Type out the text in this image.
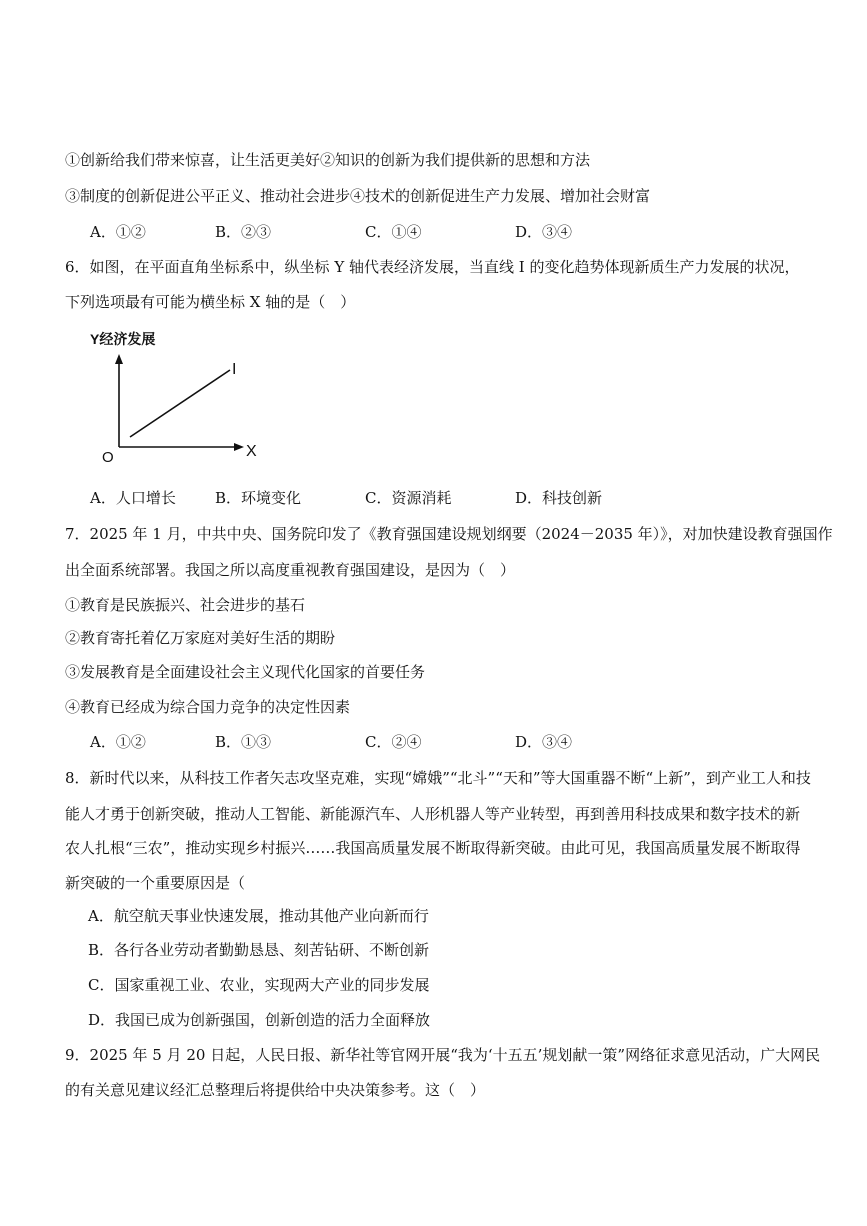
①创新给我们带来惊喜，让生活更美好②知识的创新为我们提供新的思想和方法
③制度的创新促进公平正义、推动社会进步④技术的创新促进生产力发展、增加社会财富
A．①②	B．②③	C．①④	D．③④
6．如图，在平面直角坐标系中，纵坐标 Y 轴代表经济发展，当直线 I 的变化趋势体现新质生产力发展的状况，
下列选项最有可能为横坐标 X 轴的是（　）
Y经济发展
I
X
O
A．人口增长	B．环境变化	C．资源消耗	D．科技创新
7．2025 年 1 月，中共中央、国务院印发了《教育强国建设规划纲要（2024－2035 年）》，对加快建设教育强国作
出全面系统部署。我国之所以高度重视教育强国建设，是因为（　）
①教育是民族振兴、社会进步的基石
②教育寄托着亿万家庭对美好生活的期盼
③发展教育是全面建设社会主义现代化国家的首要任务
④教育已经成为综合国力竞争的决定性因素
A．①②	B．①③	C．②④	D．③④
8．新时代以来，从科技工作者矢志攻坚克难，实现“嫦娥”“北斗”“天和”等大国重器不断“上新”，到产业工人和技
能人才勇于创新突破，推动人工智能、新能源汽车、人形机器人等产业转型，再到善用科技成果和数字技术的新
农人扎根“三农”，推动实现乡村振兴……我国高质量发展不断取得新突破。由此可见，我国高质量发展不断取得
新突破的一个重要原因是（
A．航空航天事业快速发展，推动其他产业向新而行
B．各行各业劳动者勤勤恳恳、刻苦钻研、不断创新
C．国家重视工业、农业，实现两大产业的同步发展
D．我国已成为创新强国，创新创造的活力全面释放
9．2025 年 5 月 20 日起，人民日报、新华社等官网开展“我为‘十五五’规划献一策”网络征求意见活动，广大网民
的有关意见建议经汇总整理后将提供给中央决策参考。这（　）
